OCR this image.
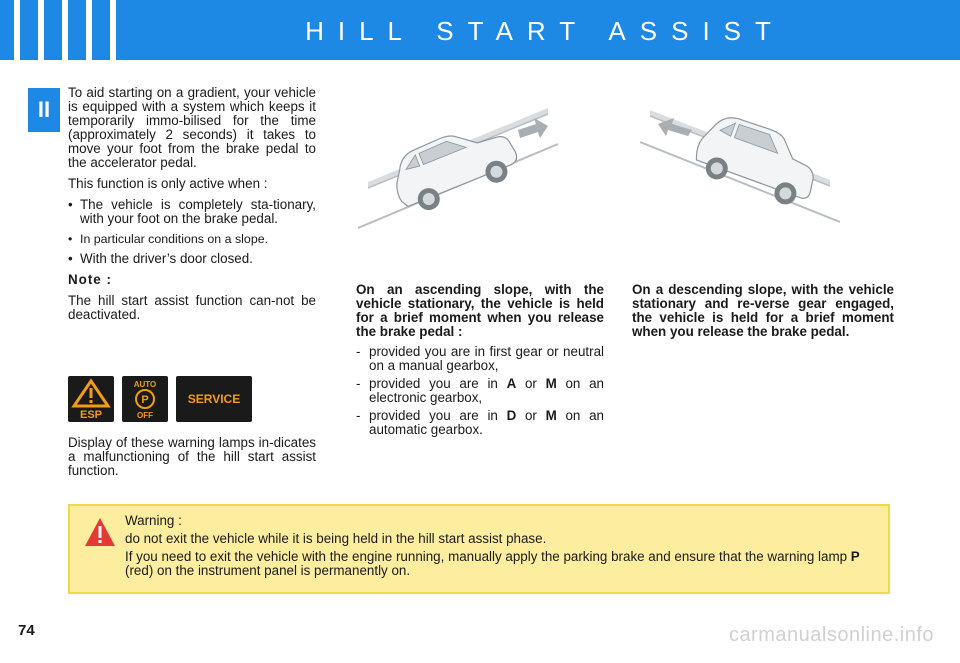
HILL START ASSIST
II

To aid starting on a gradient, your vehicle is equipped with a system which keeps it temporarily immo-bilised for the time (approximately 2 seconds) it takes to move your foot from the brake pedal to the accelerator pedal.

This function is only active when :

• The vehicle is completely sta-tionary, with your foot on the brake pedal.
• In particular conditions on a slope.
• With the driver’s door closed.

Note :

The hill start assist function can-not be deactivated.

ESP
AUTO
P
OFF
SERVICE

Display of these warning lamps in-dicates a malfunctioning of the hill start assist function.

On an ascending slope, with the vehicle stationary, the vehicle is held for a brief moment when you release the brake pedal :

- provided you are in first gear or neutral on a manual gearbox,
- provided you are in A or M on an electronic gearbox,
- provided you are in D or M on an automatic gearbox.

On a descending slope, with the vehicle stationary and re-verse gear engaged, the vehicle is held for a brief moment when you release the brake pedal.

Warning :

do not exit the vehicle while it is being held in the hill start assist phase.

If you need to exit the vehicle with the engine running, manually apply the parking brake and ensure that the warning lamp P (red) on the instrument panel is permanently on.

74	carmanualsonline.info
